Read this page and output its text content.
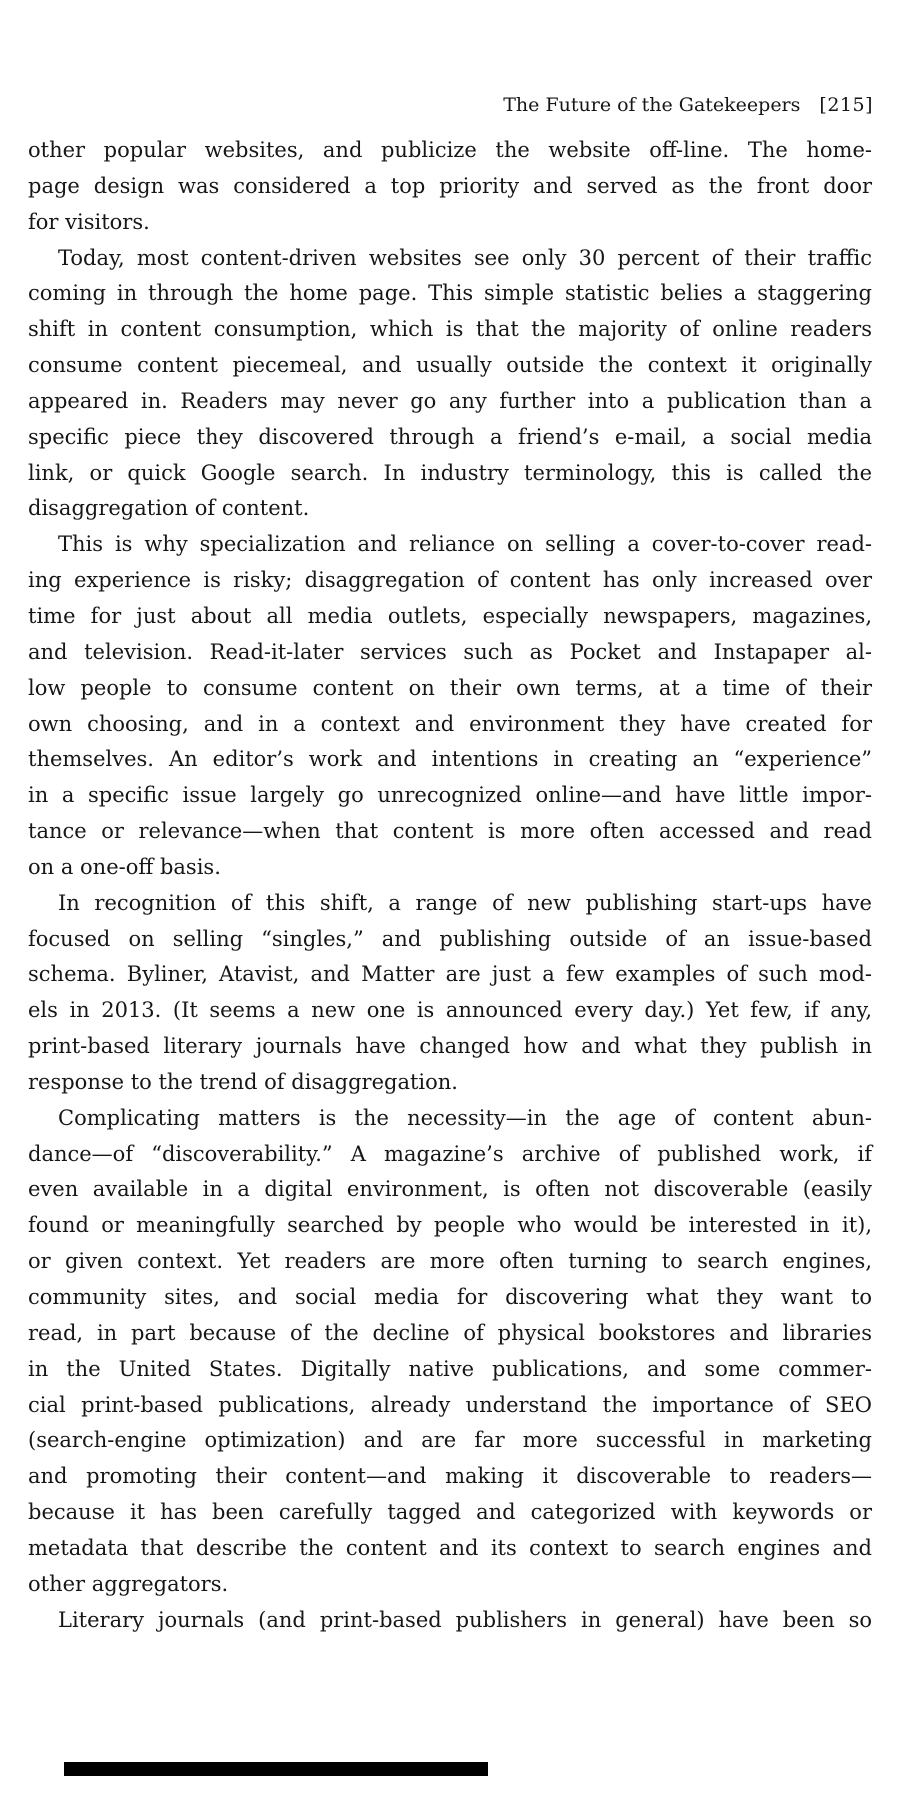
The Future of the Gatekeepers [215]
other popular websites, and publicize the website off-line. The home-
page design was considered a top priority and served as the front door
for visitors.
Today, most content-driven websites see only 30 percent of their traffic
coming in through the home page. This simple statistic belies a staggering
shift in content consumption, which is that the majority of online readers
consume content piecemeal, and usually outside the context it originally
appeared in. Readers may never go any further into a publication than a
specific piece they discovered through a friend’s e-mail, a social media
link, or quick Google search. In industry terminology, this is called the
disaggregation of content.
This is why specialization and reliance on selling a cover-to-cover read-
ing experience is risky; disaggregation of content has only increased over
time for just about all media outlets, especially newspapers, magazines,
and television. Read-it-later services such as Pocket and Instapaper al-
low people to consume content on their own terms, at a time of their
own choosing, and in a context and environment they have created for
themselves. An editor’s work and intentions in creating an “experience”
in a specific issue largely go unrecognized online—and have little impor-
tance or relevance—when that content is more often accessed and read
on a one-off basis.
In recognition of this shift, a range of new publishing start-ups have
focused on selling “singles,” and publishing outside of an issue-based
schema. Byliner, Atavist, and Matter are just a few examples of such mod-
els in 2013. (It seems a new one is announced every day.) Yet few, if any,
print-based literary journals have changed how and what they publish in
response to the trend of disaggregation.
Complicating matters is the necessity—in the age of content abun-
dance—of “discoverability.” A magazine’s archive of published work, if
even available in a digital environment, is often not discoverable (easily
found or meaningfully searched by people who would be interested in it),
or given context. Yet readers are more often turning to search engines,
community sites, and social media for discovering what they want to
read, in part because of the decline of physical bookstores and libraries
in the United States. Digitally native publications, and some commer-
cial print-based publications, already understand the importance of SEO
(search-engine optimization) and are far more successful in marketing
and promoting their content—and making it discoverable to readers—
because it has been carefully tagged and categorized with keywords or
metadata that describe the content and its context to search engines and
other aggregators.
Literary journals (and print-based publishers in general) have been so
